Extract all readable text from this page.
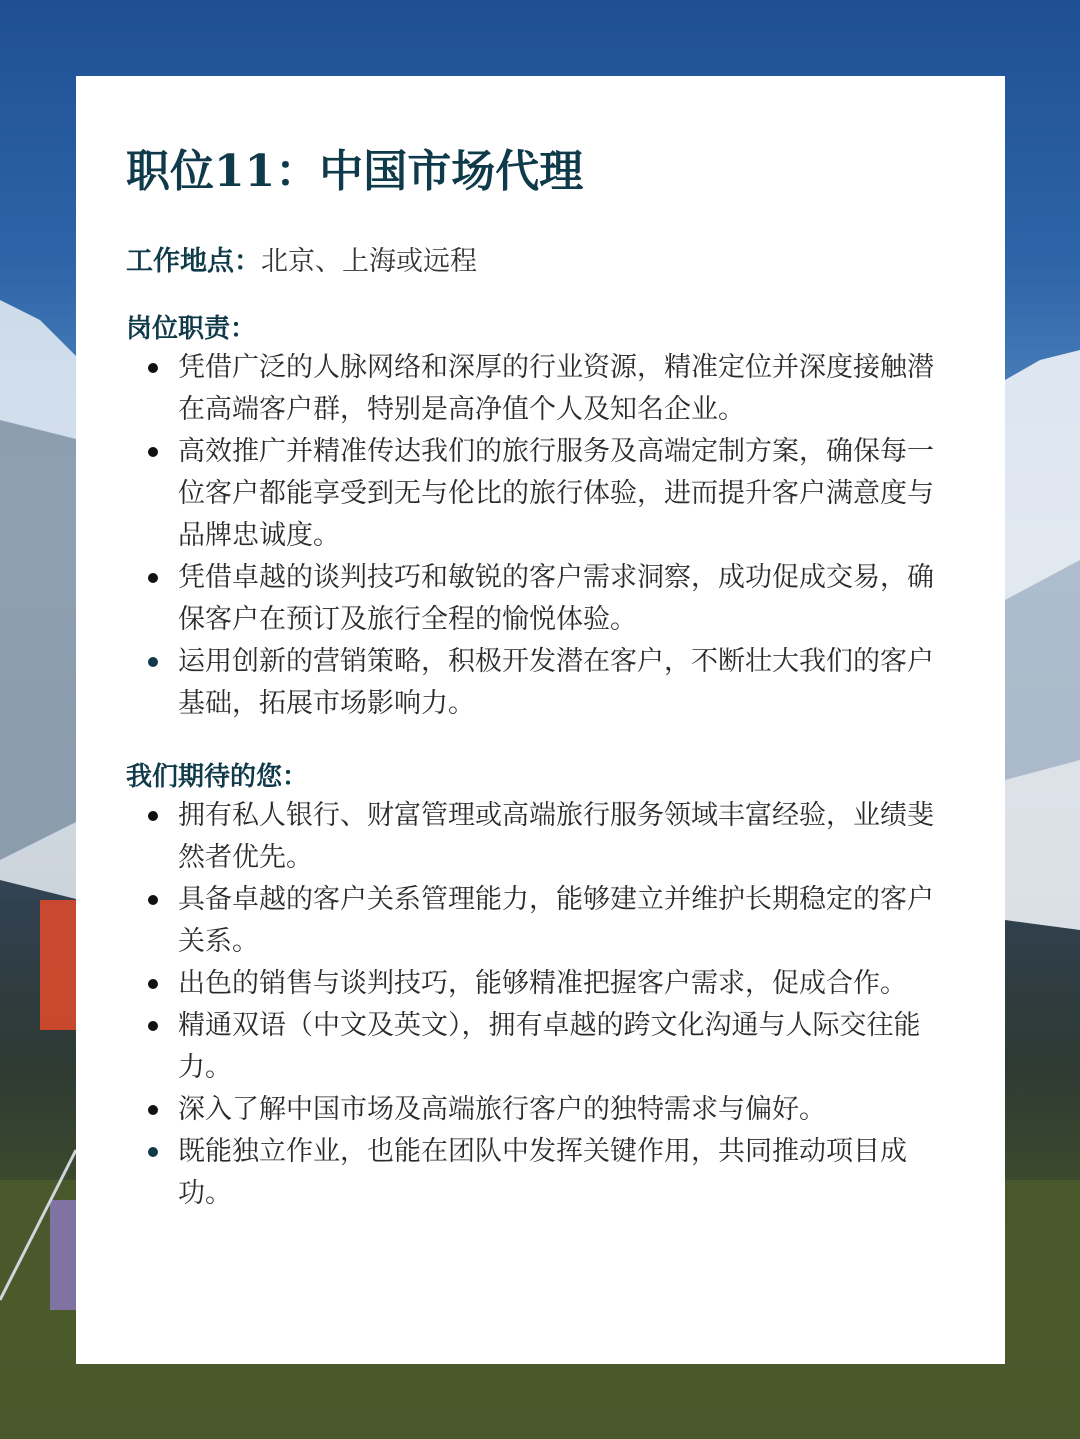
职位11：中国市场代理
工作地点：北京、上海或远程
岗位职责：
凭借广泛的人脉网络和深厚的行业资源，精准定位并深度接触潜在高端客户群，特别是高净值个人及知名企业。
高效推广并精准传达我们的旅行服务及高端定制方案，确保每一位客户都能享受到无与伦比的旅行体验，进而提升客户满意度与品牌忠诚度。
凭借卓越的谈判技巧和敏锐的客户需求洞察，成功促成交易，确保客户在预订及旅行全程的愉悦体验。
运用创新的营销策略，积极开发潜在客户，不断壮大我们的客户基础，拓展市场影响力。
我们期待的您：
拥有私人银行、财富管理或高端旅行服务领域丰富经验，业绩斐然者优先。
具备卓越的客户关系管理能力，能够建立并维护长期稳定的客户关系。
出色的销售与谈判技巧，能够精准把握客户需求，促成合作。
精通双语（中文及英文），拥有卓越的跨文化沟通与人际交往能力。
深入了解中国市场及高端旅行客户的独特需求与偏好。
既能独立作业，也能在团队中发挥关键作用，共同推动项目成功。
